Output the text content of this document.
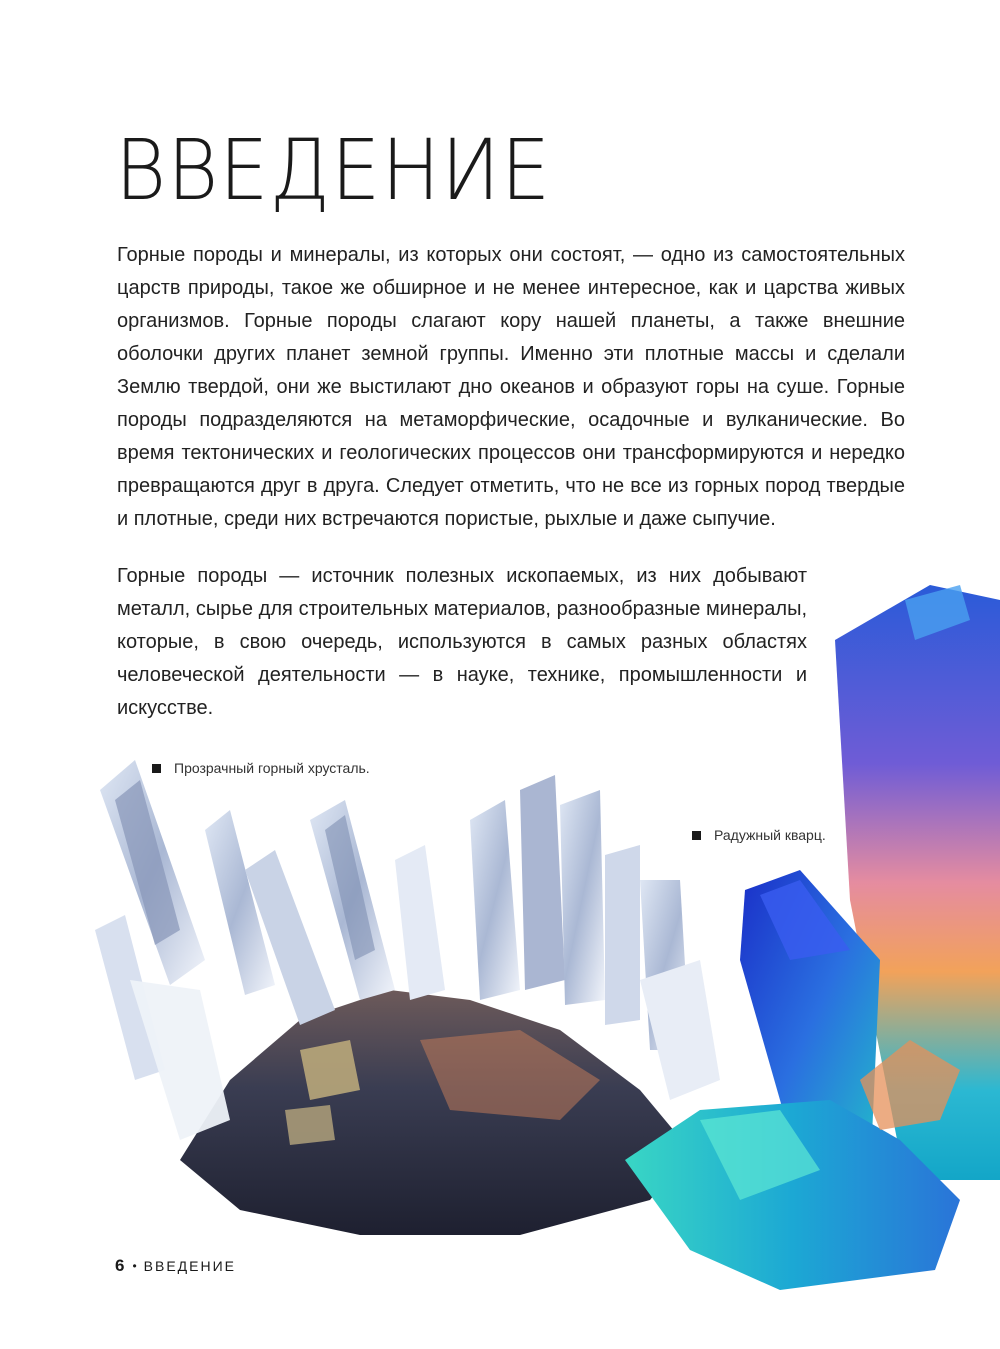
ВВЕДЕНИЕ

Горные породы и минералы, из которых они состоят, — одно из самостоятельных царств природы, такое же обширное и не менее интересное, как и царства живых организмов. Горные породы слагают кору нашей планеты, а также внешние оболочки других планет земной группы. Именно эти плотные массы и сделали Землю твердой, они же выстилают дно океанов и образуют горы на суше. Горные породы подразделяются на метаморфические, осадочные и вулканические. Во время тектонических и геологических процессов они трансформируются и нередко превращаются друг в друга. Следует отметить, что не все из горных пород твердые и плотные, среди них встречаются пористые, рыхлые и даже сыпучие.

Горные породы — источник полезных ископаемых, из них добывают металл, сырье для строительных материалов, разнообразные минералы, которые, в свою очередь, используются в самых разных областях человеческой деятельности — в науке, технике, промышленности и искусстве.

Прозрачный горный хрусталь.
Радужный кварц.
6 • ВВЕДЕНИЕ
